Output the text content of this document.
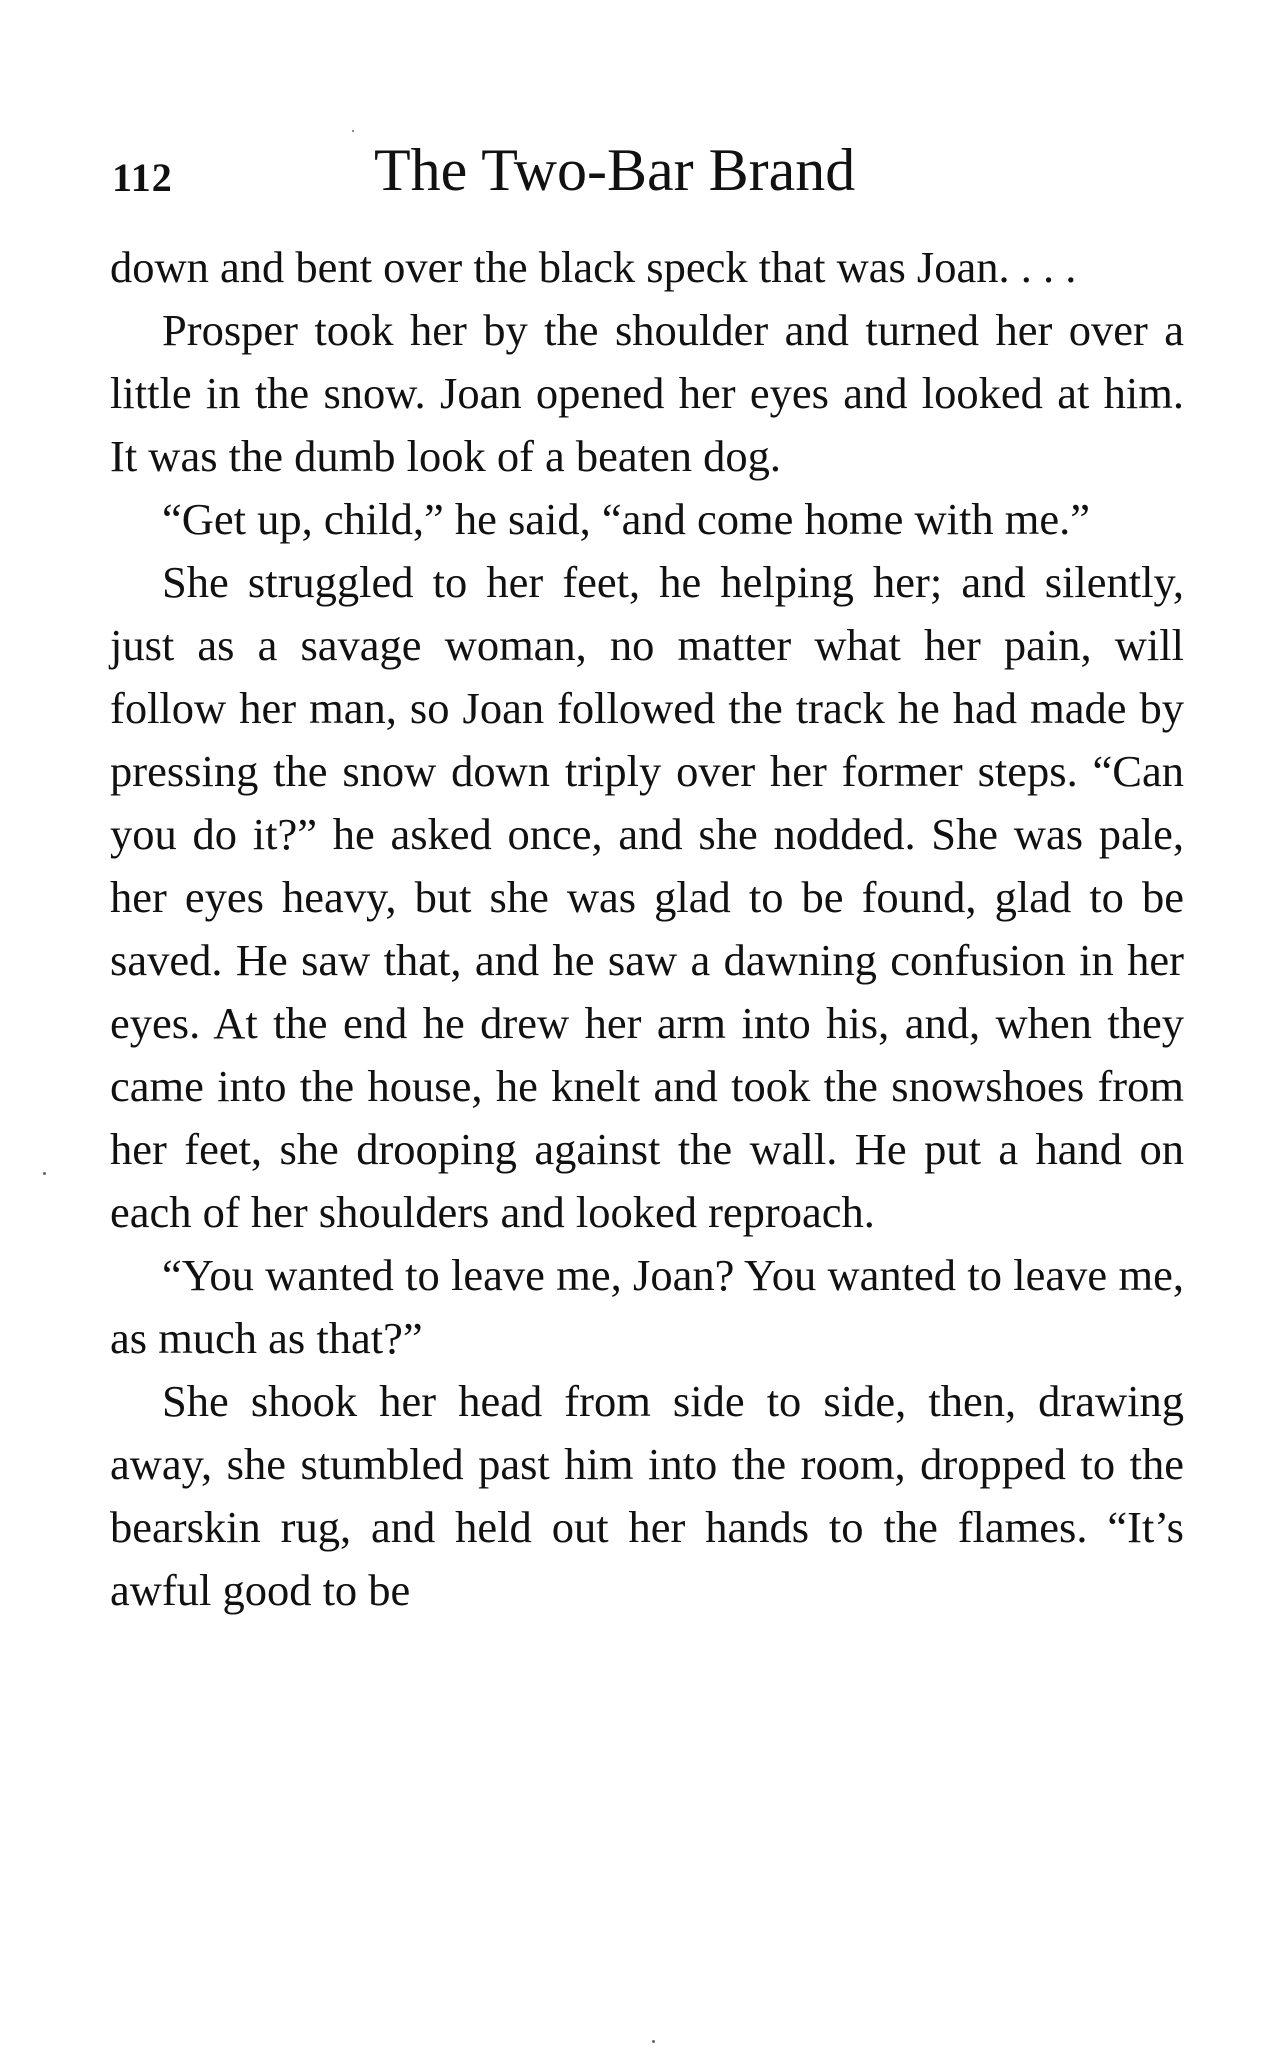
112	The Two-Bar Brand

down and bent over the black speck that was Joan. . . .

Prosper took her by the shoulder and turned her over a little in the snow. Joan opened her eyes and looked at him. It was the dumb look of a beaten dog.

“Get up, child,” he said, “and come home with me.”

She struggled to her feet, he helping her; and silently, just as a savage woman, no matter what her pain, will follow her man, so Joan followed the track he had made by pressing the snow down triply over her former steps. “Can you do it?” he asked once, and she nodded. She was pale, her eyes heavy, but she was glad to be found, glad to be saved. He saw that, and he saw a dawning confusion in her eyes. At the end he drew her arm into his, and, when they came into the house, he knelt and took the snowshoes from her feet, she drooping against the wall. He put a hand on each of her shoulders and looked reproach.

“You wanted to leave me, Joan? You wanted to leave me, as much as that?”

She shook her head from side to side, then, drawing away, she stumbled past him into the room, dropped to the bearskin rug, and held out her hands to the flames. “It’s awful good to be
